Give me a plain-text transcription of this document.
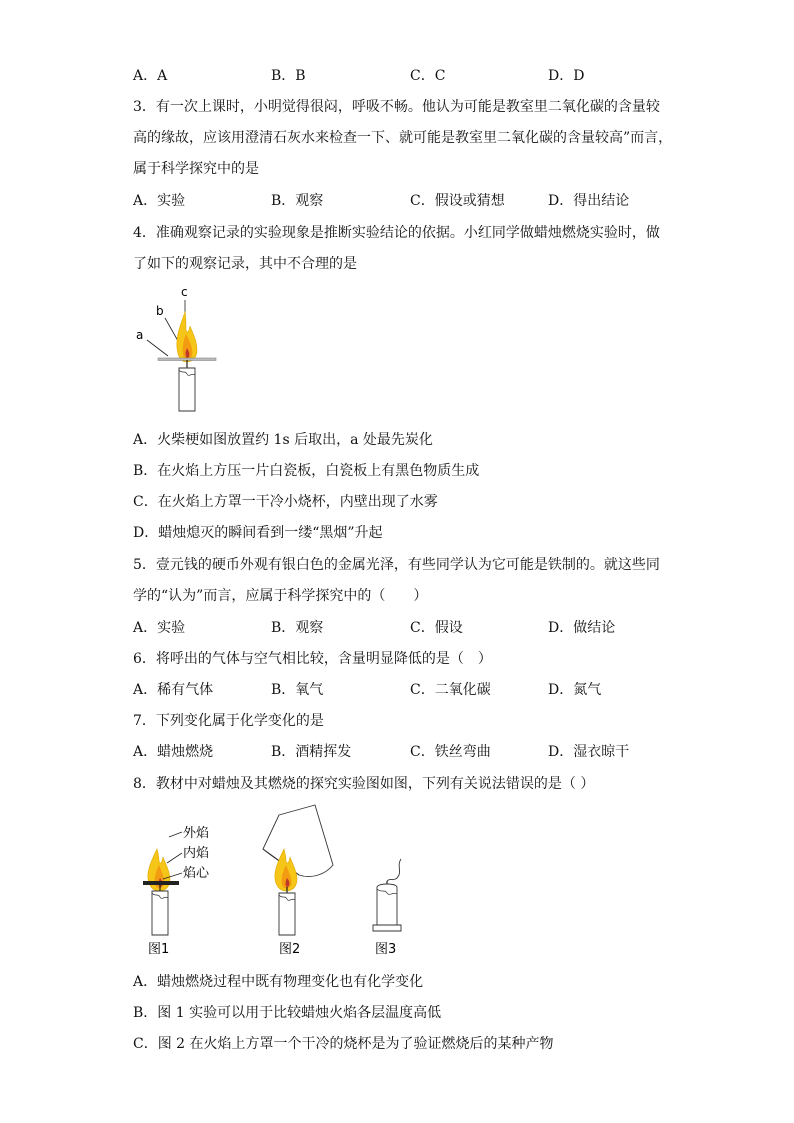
A．A	B．B	C．C	D．D
3．有一次上课时，小明觉得很闷，呼吸不畅。他认为可能是教室里二氧化碳的含量较
高的缘故，应该用澄清石灰水来检查一下、就可能是教室里二氧化碳的含量较高”而言，
属于科学探究中的是
A．实验	B．观察	C．假设或猜想	D．得出结论
4．准确观察记录的实验现象是推断实验结论的依据。小红同学做蜡烛燃烧实验时，做
了如下的观察记录，其中不合理的是
c
b
a
A．火柴梗如图放置约 1s 后取出，a 处最先炭化
B．在火焰上方压一片白瓷板，白瓷板上有黑色物质生成
C．在火焰上方罩一干冷小烧杯，内壁出现了水雾
D．蜡烛熄灭的瞬间看到一缕“黑烟”升起
5．壹元钱的硬币外观有银白色的金属光泽，有些同学认为它可能是铁制的。就这些同
学的“认为”而言，应属于科学探究中的（　　）
A．实验	B．观察	C．假设	D．做结论
6．将呼出的气体与空气相比较，含量明显降低的是（　）
A．稀有气体	B．氧气	C．二氧化碳	D．氮气
7．下列变化属于化学变化的是
A．蜡烛燃烧	B．酒精挥发	C．铁丝弯曲	D．湿衣晾干
8．教材中对蜡烛及其燃烧的探究实验图如图，下列有关说法错误的是（ ）
外焰
内焰
焰心
图1	图2	图3
A．蜡烛燃烧过程中既有物理变化也有化学变化
B．图 1 实验可以用于比较蜡烛火焰各层温度高低
C．图 2 在火焰上方罩一个干冷的烧杯是为了验证燃烧后的某种产物
